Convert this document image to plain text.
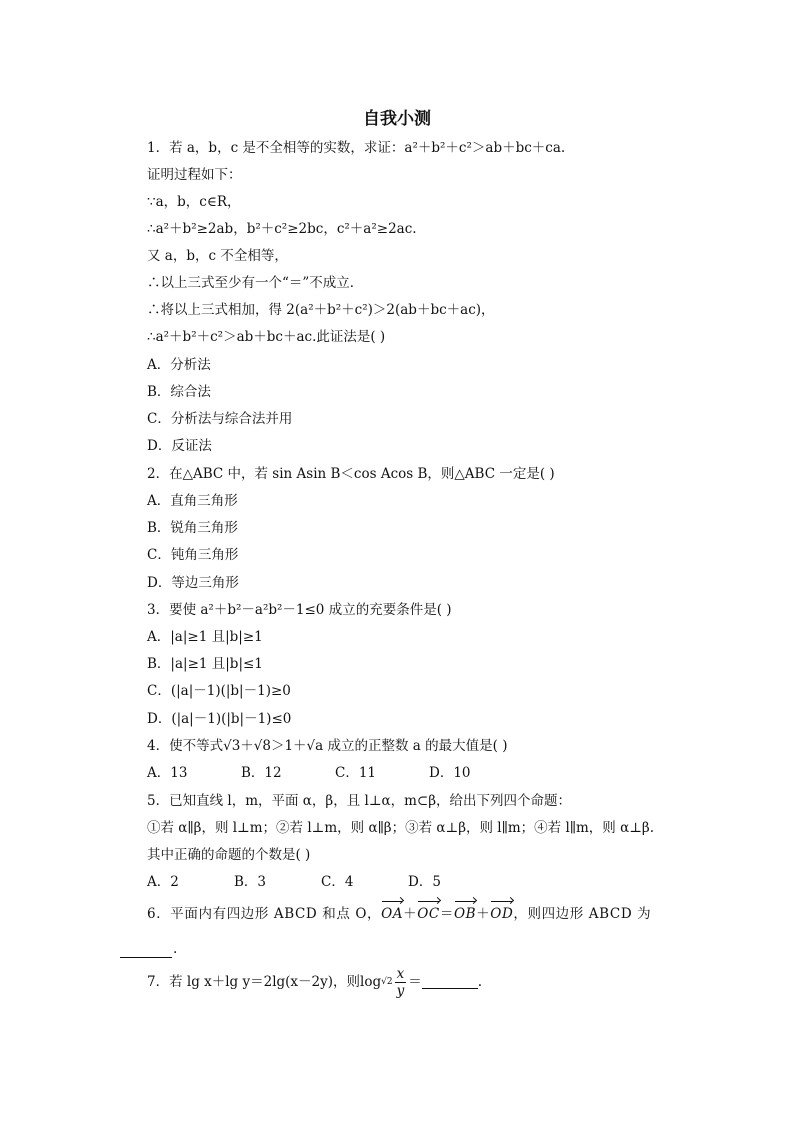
自我小测
1．若 a，b，c 是不全相等的实数，求证：a²＋b²＋c²＞ab＋bc＋ca.
证明过程如下：
∵a，b，c∈R，
∴a²＋b²≥2ab，b²＋c²≥2bc，c²＋a²≥2ac.
又 a，b，c 不全相等，
∴以上三式至少有一个“＝”不成立．
∴将以上三式相加，得 2(a²＋b²＋c²)＞2(ab＋bc＋ac)，
∴a²＋b²＋c²＞ab＋bc＋ac.此证法是( )
A．分析法
B．综合法
C．分析法与综合法并用
D．反证法
2．在△ABC 中，若 sin Asin B＜cos Acos B，则△ABC 一定是( )
A．直角三角形
B．锐角三角形
C．钝角三角形
D．等边三角形
3．要使 a²＋b²－a²b²－1≤0 成立的充要条件是( )
A．|a|≥1 且|b|≥1
B．|a|≥1 且|b|≤1
C．(|a|－1)(|b|－1)≥0
D．(|a|－1)(|b|－1)≤0
4．使不等式√3＋√8＞1＋√a 成立的正整数 a 的最大值是( )
A．13	B．12	C．11	D．10
5．已知直线 l，m，平面 α，β，且 l⊥α，m⊂β，给出下列四个命题：
①若 α∥β，则 l⊥m；②若 l⊥m，则 α∥β；③若 α⊥β，则 l∥m；④若 l∥m，则 α⊥β.
其中正确的命题的个数是( )
A．2	B．3	C．4	D．5
6．平面内有四边形 ABCD 和点 O，OA＋OC＝OB＋OD，则四边形 ABCD 为
.
7．若 lg x＋lg y＝2lg(x－2y)，则 $\log √2 \frac{x}{y}$ ＝	.
